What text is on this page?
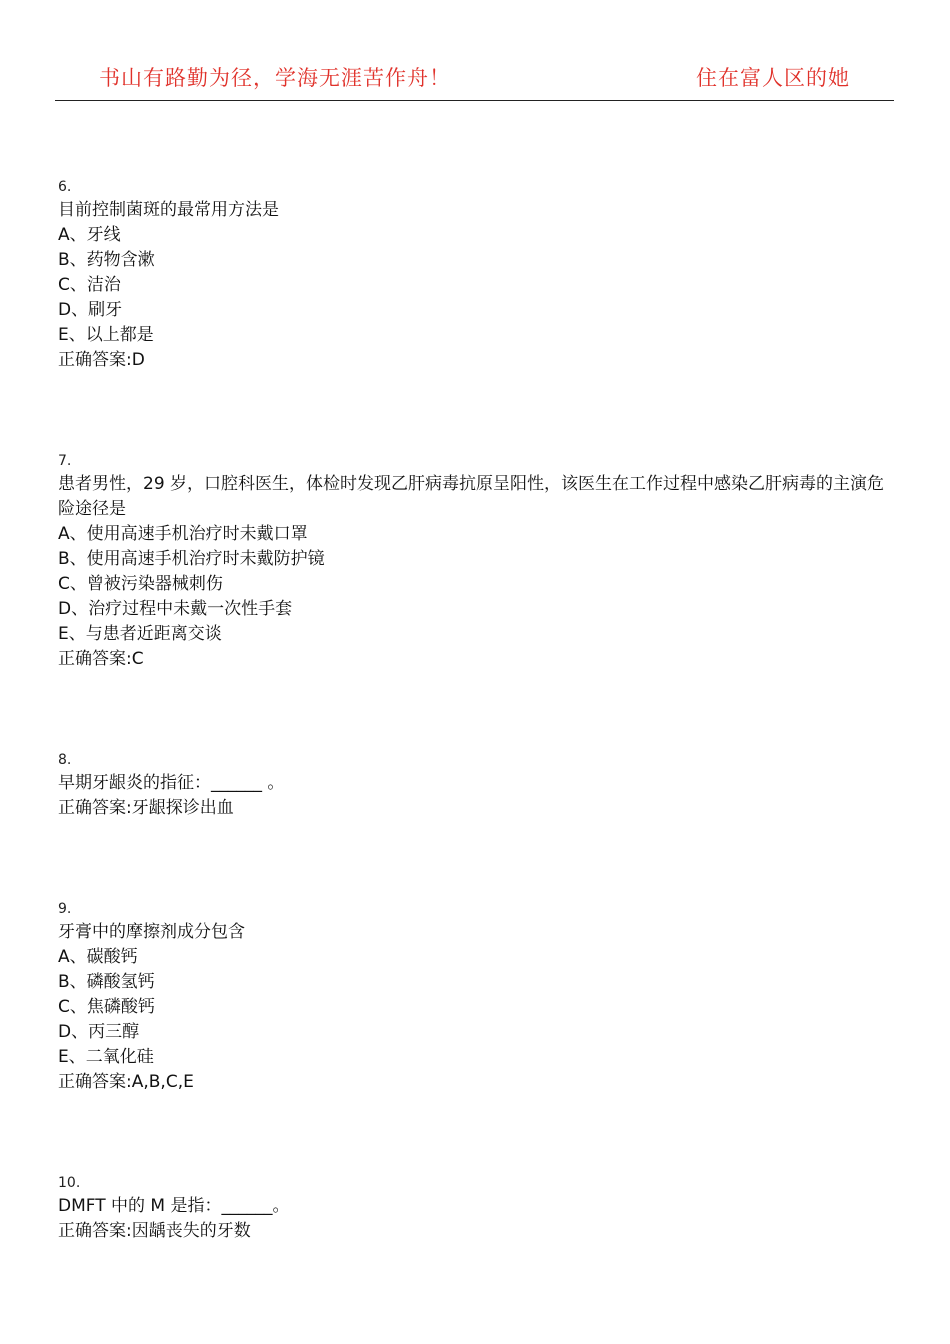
书山有路勤为径，学海无涯苦作舟！	住在富人区的她
6.
目前控制菌斑的最常用方法是
A、牙线
B、药物含漱
C、洁治
D、刷牙
E、以上都是
正确答案:D
7.
患者男性，29 岁，口腔科医生，体检时发现乙肝病毒抗原呈阳性，该医生在工作过程中感染乙肝病毒的主演危险途径是
A、使用高速手机治疗时未戴口罩
B、使用高速手机治疗时未戴防护镜
C、曾被污染器械刺伤
D、治疗过程中未戴一次性手套
E、与患者近距离交谈
正确答案:C
8.
早期牙龈炎的指征：______ 。
正确答案:牙龈探诊出血
9.
牙膏中的摩擦剂成分包含
A、碳酸钙
B、磷酸氢钙
C、焦磷酸钙
D、丙三醇
E、二氧化硅
正确答案:A,B,C,E
10.
DMFT 中的 M 是指：______。
正确答案:因龋丧失的牙数
